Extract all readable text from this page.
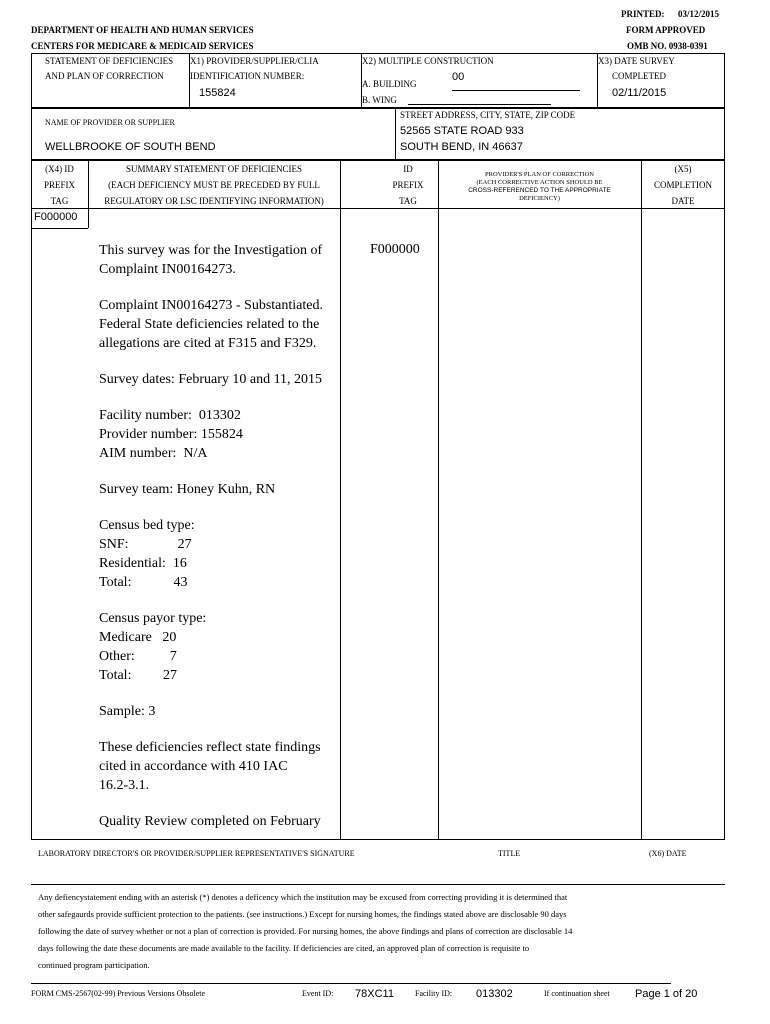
PRINTED: 03/12/2015
FORM APPROVED
DEPARTMENT OF HEALTH AND HUMAN SERVICES
CENTERS FOR MEDICARE & MEDICAID SERVICES	OMB NO. 0938-0391
STATEMENT OF DEFICIENCIES
AND PLAN OF CORRECTION
X1) PROVIDER/SUPPLIER/CLIA
IDENTIFICATION NUMBER:
155824
X2) MULTIPLE CONSTRUCTION
00
A. BUILDING
B. WING
X3) DATE SURVEY
COMPLETED
02/11/2015
NAME OF PROVIDER OR SUPPLIER
WELLBROOKE OF SOUTH BEND
STREET ADDRESS, CITY, STATE, ZIP CODE
52565 STATE ROAD 933
SOUTH BEND, IN 46637
(X4) ID
PREFIX
TAG
SUMMARY STATEMENT OF DEFICIENCIES
(EACH DEFICIENCY MUST BE PRECEDED BY FULL
REGULATORY OR LSC IDENTIFYING INFORMATION)
ID
PREFIX
TAG
PROVIDER'S PLAN OF CORRECTION
(EACH CORRECTIVE ACTION SHOULD BE
CROSS-REFERENCED TO THE APPROPRIATE
DEFICIENCY)
(X5)
COMPLETION
DATE
F000000
F000000

This survey was for the Investigation of

Complaint IN00164273.

Complaint IN00164273 - Substantiated.

Federal State deficiencies related to the

allegations are cited at F315 and F329.

Survey dates: February 10 and 11, 2015

Facility number:  013302

Provider number: 155824

AIM number:  N/A

Survey team: Honey Kuhn, RN

Census bed type:

SNF:              27

Residential:  16

Total:            43

Census payor type:

Medicare   20

Other:          7

Total:         27

Sample: 3

These deficiencies reflect state findings

cited in accordance with 410 IAC

16.2-3.1.

Quality Review completed on February

LABORATORY DIRECTOR'S OR PROVIDER/SUPPLIER REPRESENTATIVE'S SIGNATURE	TITLE	(X6) DATE
Any defiencystatement ending with an asterisk (*) denotes a deficency which the institution may be excused from correcting providing it is determined that
other safegaurds provide sufficient protection to the patients. (see instructions.) Except for nursing homes, the findings stated above are disclosable 90 days
following the date of survey whether or not a plan of correction is provided. For nursing homes, the above findings and plans of correction are disclosable 14
days following the date these documents are made available to the facility. If deficiencies are cited, an approved plan of correction is requisite to
continued program participation.
FORM CMS-2567(02-99) Previous Versions Obsolete	Event ID: 78XC11	Facility ID: 013302	If continuation sheet Page 1 of 20
